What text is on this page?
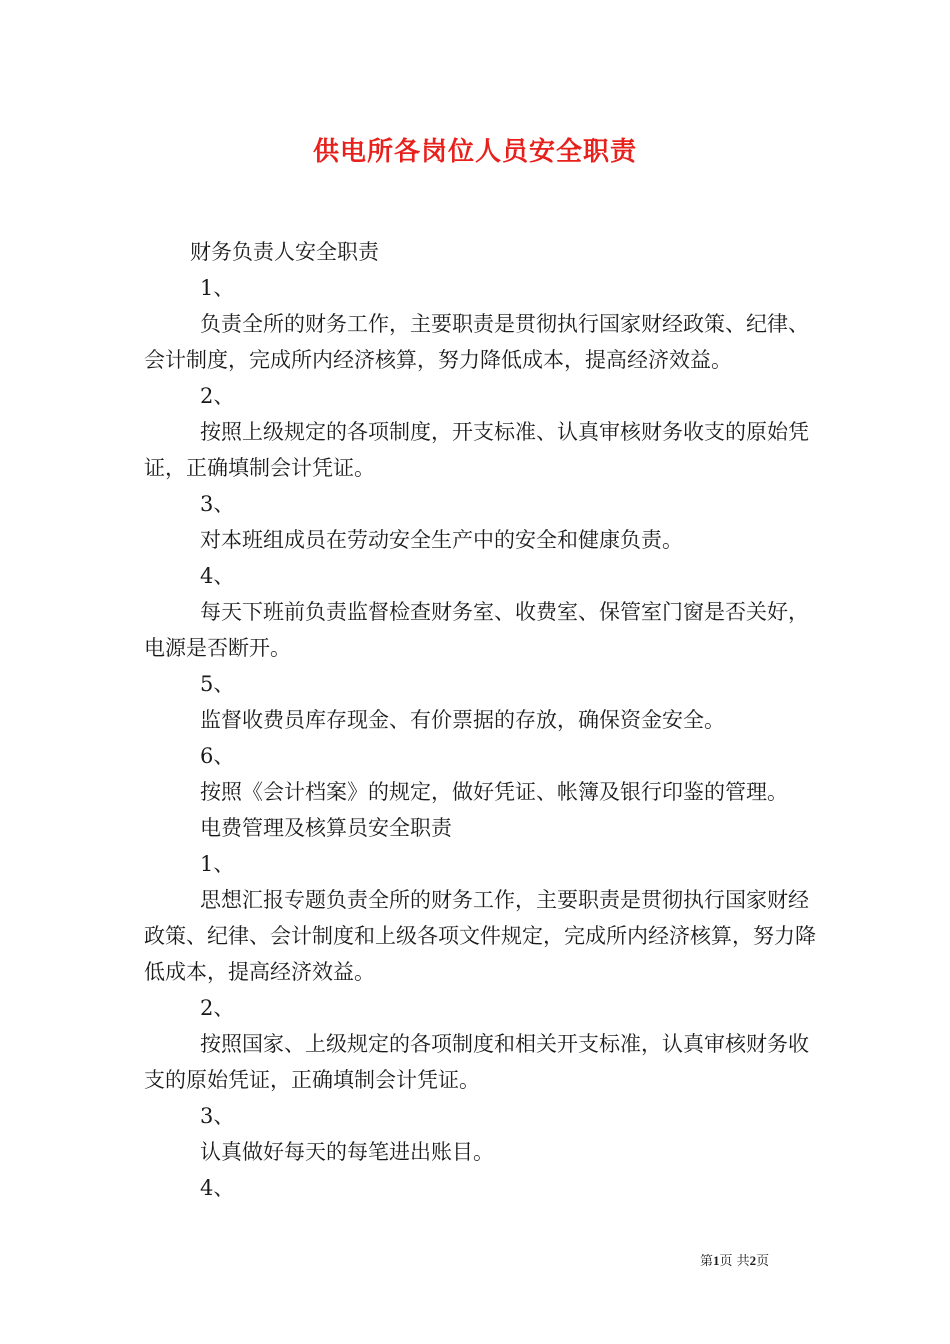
供电所各岗位人员安全职责
财务负责人安全职责
1、

负责全所的财务工作，主要职责是贯彻执行国家财经政策、纪律、会计制度，完成所内经济核算，努力降低成本，提高经济效益。

2、

按照上级规定的各项制度，开支标准、认真审核财务收支的原始凭证，正确填制会计凭证。

3、

对本班组成员在劳动安全生产中的安全和健康负责。

4、

每天下班前负责监督检查财务室、收费室、保管室门窗是否关好，电源是否断开。

5、

监督收费员库存现金、有价票据的存放，确保资金安全。

6、

按照《会计档案》的规定，做好凭证、帐簿及银行印鉴的管理。

电费管理及核算员安全职责
1、

思想汇报专题负责全所的财务工作，主要职责是贯彻执行国家财经政策、纪律、会计制度和上级各项文件规定，完成所内经济核算，努力降低成本，提高经济效益。

2、

按照国家、上级规定的各项制度和相关开支标准，认真审核财务收支的原始凭证，正确填制会计凭证。

3、

认真做好每天的每笔进出账目。

4、
第1页 共2页
